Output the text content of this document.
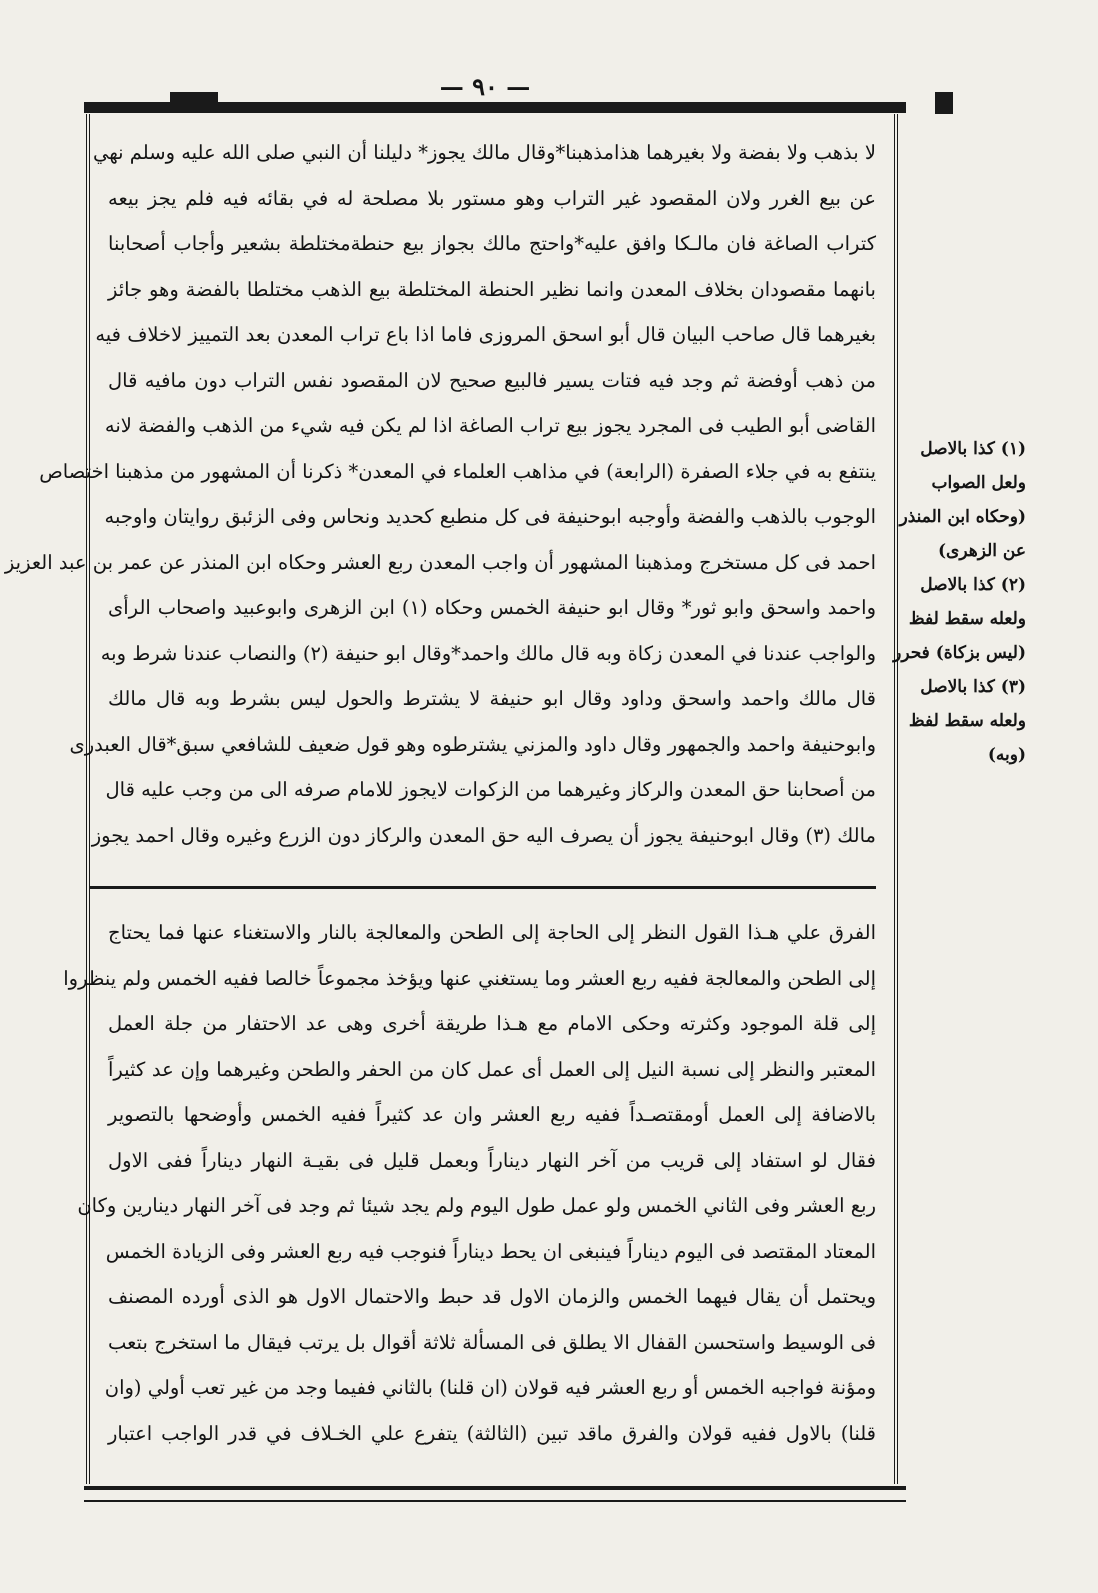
— ٩٠ —
لا بذهب ولا بفضة ولا بغيرهما هذامذهبنا*وقال مالك يجوز* دليلنا أن النبي صلى الله عليه وسلم نهي
عن بيع الغرر ولان المقصود غير التراب وهو مستور بلا مصلحة له في بقائه فيه فلم يجز بيعه
كتراب الصاغة فان مالـكا وافق عليه*واحتج مالك بجواز بيع حنطةمختلطة بشعير وأجاب أصحابنا
بانهما مقصودان بخلاف المعدن وانما نظير الحنطة المختلطة بيع الذهب مختلطا بالفضة وهو جائز
بغيرهما قال صاحب البيان قال أبو اسحق المروزى فاما اذا باع تراب المعدن بعد التمييز لاخلاف فيه
من ذهب أوفضة ثم وجد فيه فتات يسير فالبيع صحيح لان المقصود نفس التراب دون مافيه قال
القاضى أبو الطيب فى المجرد يجوز بيع تراب الصاغة اذا لم يكن فيه شيء من الذهب والفضة لانه
ينتفع به في جلاء الصفرة (الرابعة) في مذاهب العلماء في المعدن* ذكرنا أن المشهور من مذهبنا اختصاص
الوجوب بالذهب والفضة وأوجبه ابوحنيفة فى كل منطبع كحديد ونحاس وفى الزئبق روايتان واوجبه
احمد فى كل مستخرج ومذهبنا المشهور أن واجب المعدن ربع العشر وحكاه ابن المنذر عن عمر بن عبد العزيز
واحمد واسحق وابو ثور* وقال ابو حنيفة الخمس وحكاه (١) ابن الزهرى وابوعبيد واصحاب الرأى
والواجب عندنا في المعدن زكاة وبه قال مالك واحمد*وقال ابو حنيفة (٢) والنصاب عندنا شرط وبه
قال مالك واحمد واسحق وداود وقال ابو حنيفة لا يشترط والحول ليس بشرط وبه قال مالك
وابوحنيفة واحمد والجمهور وقال داود والمزني يشترطوه وهو قول ضعيف للشافعي سبق*قال العبدرى
من أصحابنا حق المعدن والركاز وغيرهما من الزكوات لايجوز للامام صرفه الى من وجب عليه قال
مالك (٣) وقال ابوحنيفة يجوز أن يصرف اليه حق المعدن والركاز دون الزرع وغيره وقال احمد يجوز
الفرق علي هـذا القول النظر إلى الحاجة إلى الطحن والمعالجة بالنار والاستغناء عنها فما يحتاج
إلى الطحن والمعالجة ففيه ربع العشر وما يستغني عنها ويؤخذ مجموعاً خالصا ففيه الخمس ولم ينظروا
إلى قلة الموجود وكثرته وحكى الامام مع هـذا طريقة أخرى وهى عد الاحتفار من جلة العمل
المعتبر والنظر إلى نسبة النيل إلى العمل أى عمل كان من الحفر والطحن وغيرهما وإن عد كثيراً
بالاضافة إلى العمل أومقتصـداً ففيه ربع العشر وان عد كثيراً ففيه الخمس وأوضحها بالتصوير
فقال لو استفاد إلى قريب من آخر النهار ديناراً وبعمل قليل فى بقيـة النهار ديناراً ففى الاول
ربع العشر وفى الثاني الخمس ولو عمل طول اليوم ولم يجد شيئا ثم وجد فى آخر النهار دينارين وكان
المعتاد المقتصد فى اليوم ديناراً فينبغى ان يحط ديناراً فنوجب فيه ربع العشر وفى الزيادة الخمس
ويحتمل أن يقال فيهما الخمس والزمان الاول قد حبط والاحتمال الاول هو الذى أورده المصنف
فى الوسيط واستحسن القفال الا يطلق فى المسألة ثلاثة أقوال بل يرتب فيقال ما استخرج بتعب
ومؤنة فواجبه الخمس أو ربع العشر فيه قولان (ان قلنا) بالثاني ففيما وجد من غير تعب أولي (وان
قلنا) بالاول ففيه قولان والفرق ماقد تبين (الثالثة) يتفرع علي الخـلاف في قدر الواجب اعتبار
(١) كذا بالاصل
ولعل الصواب
(وحكاه ابن المنذر
عن الزهرى)
(٢) كذا بالاصل
ولعله سقط لفظ
(ليس بزكاة) فحرر
(٣) كذا بالاصل
ولعله سقط لفظ
(وبه)
